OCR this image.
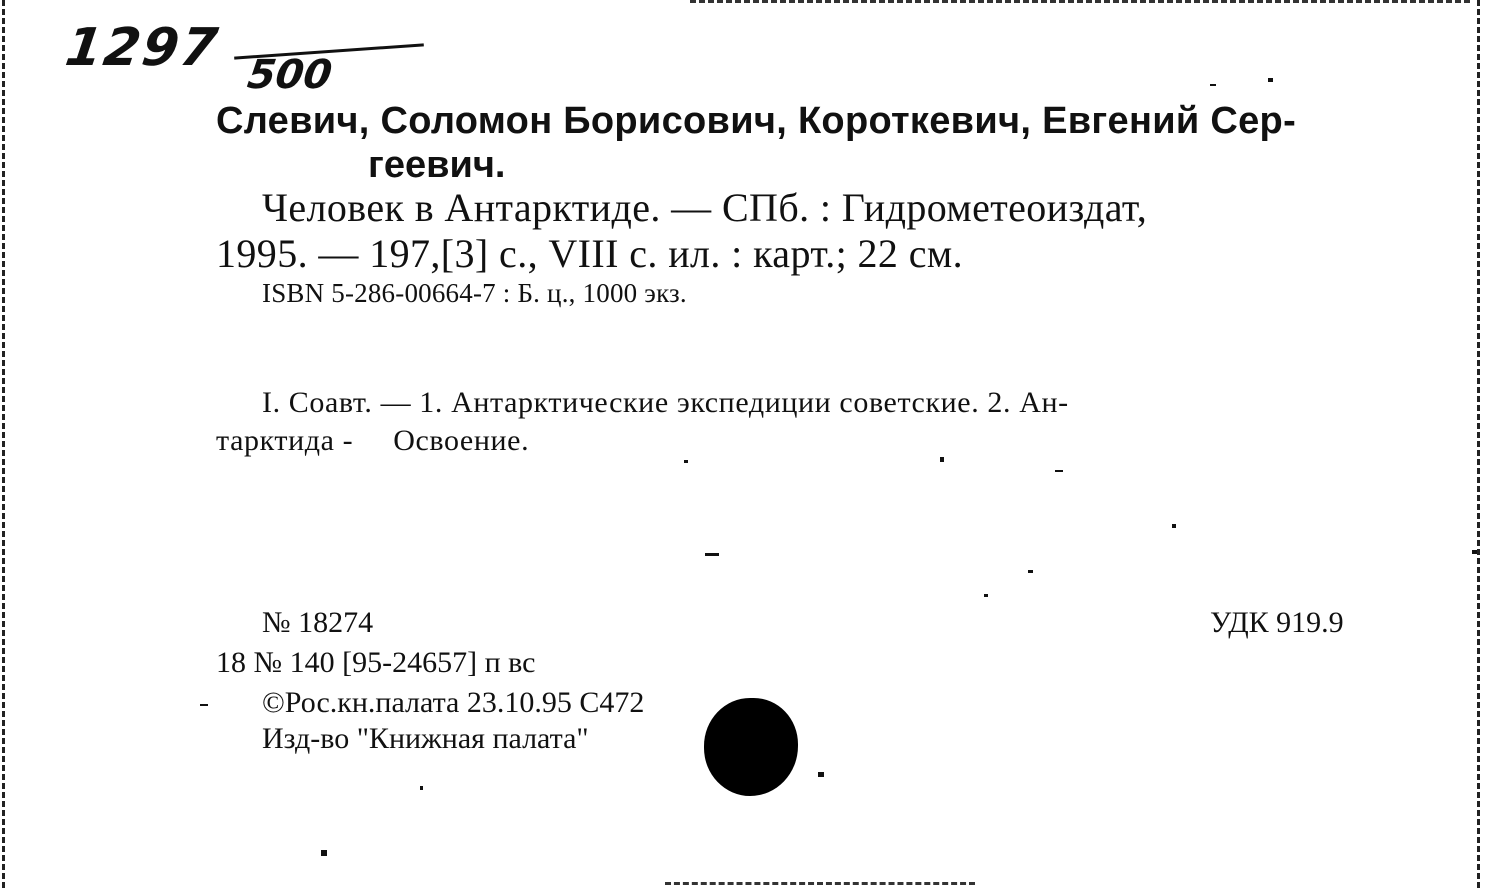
1297 500
Слевич, Соломон Борисович, Короткевич, Евгений Сер-
геевич.
Человек в Антарктиде. — СПб. : Гидрометеоиздат,
1995. — 197,[3] с., VIII с. ил. : карт.; 22 см.
ISBN 5-286-00664-7 : Б. ц., 1000 экз.
I. Соавт. — 1. Антарктические экспедиции советские. 2. Ан-
тарктида - Освоение.
№ 18274
18 № 140 [95-24657] п вс
©Рос.кн.палата 23.10.95 С472
Изд-во "Книжная палата"
УДК 919.9
